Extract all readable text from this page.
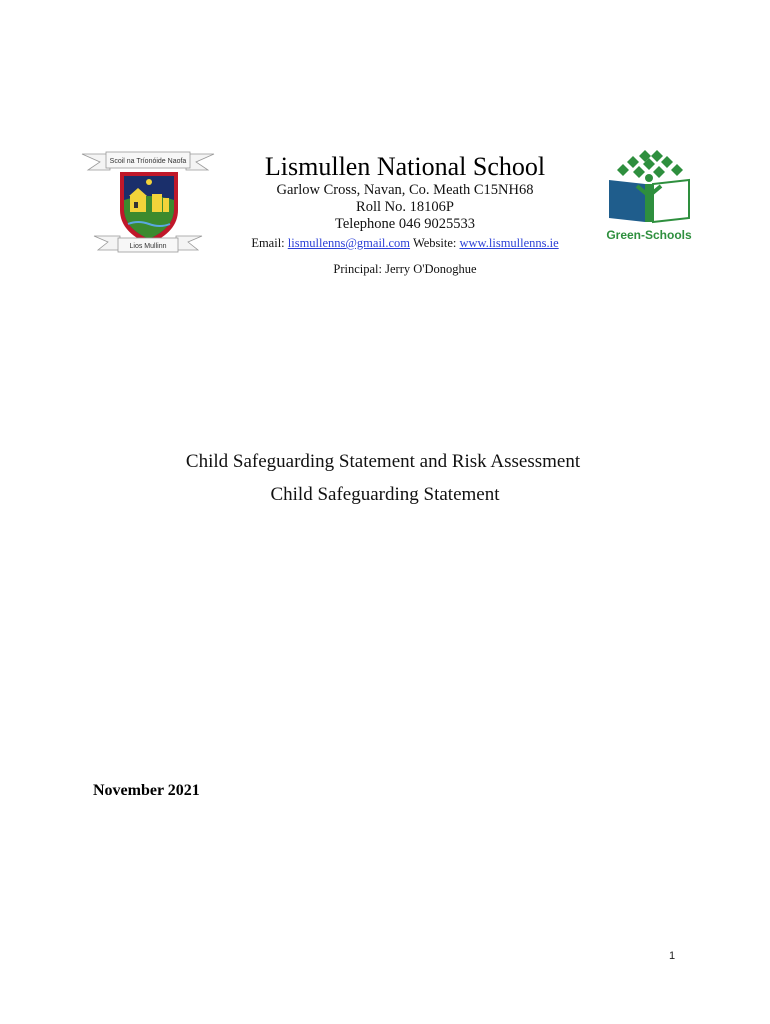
Scoil na Tríonóide Naofa
Lios Mullinn
Lismullen National School
Garlow Cross, Navan, Co. Meath C15NH68
Roll No. 18106P
Telephone 046 9025533
Email: lismullenns@gmail.com Website: www.lismullenns.ie
Principal: Jerry O'Donoghue
Green-Schools
Child Safeguarding Statement and Risk Assessment
Child Safeguarding Statement
November 2021
1
